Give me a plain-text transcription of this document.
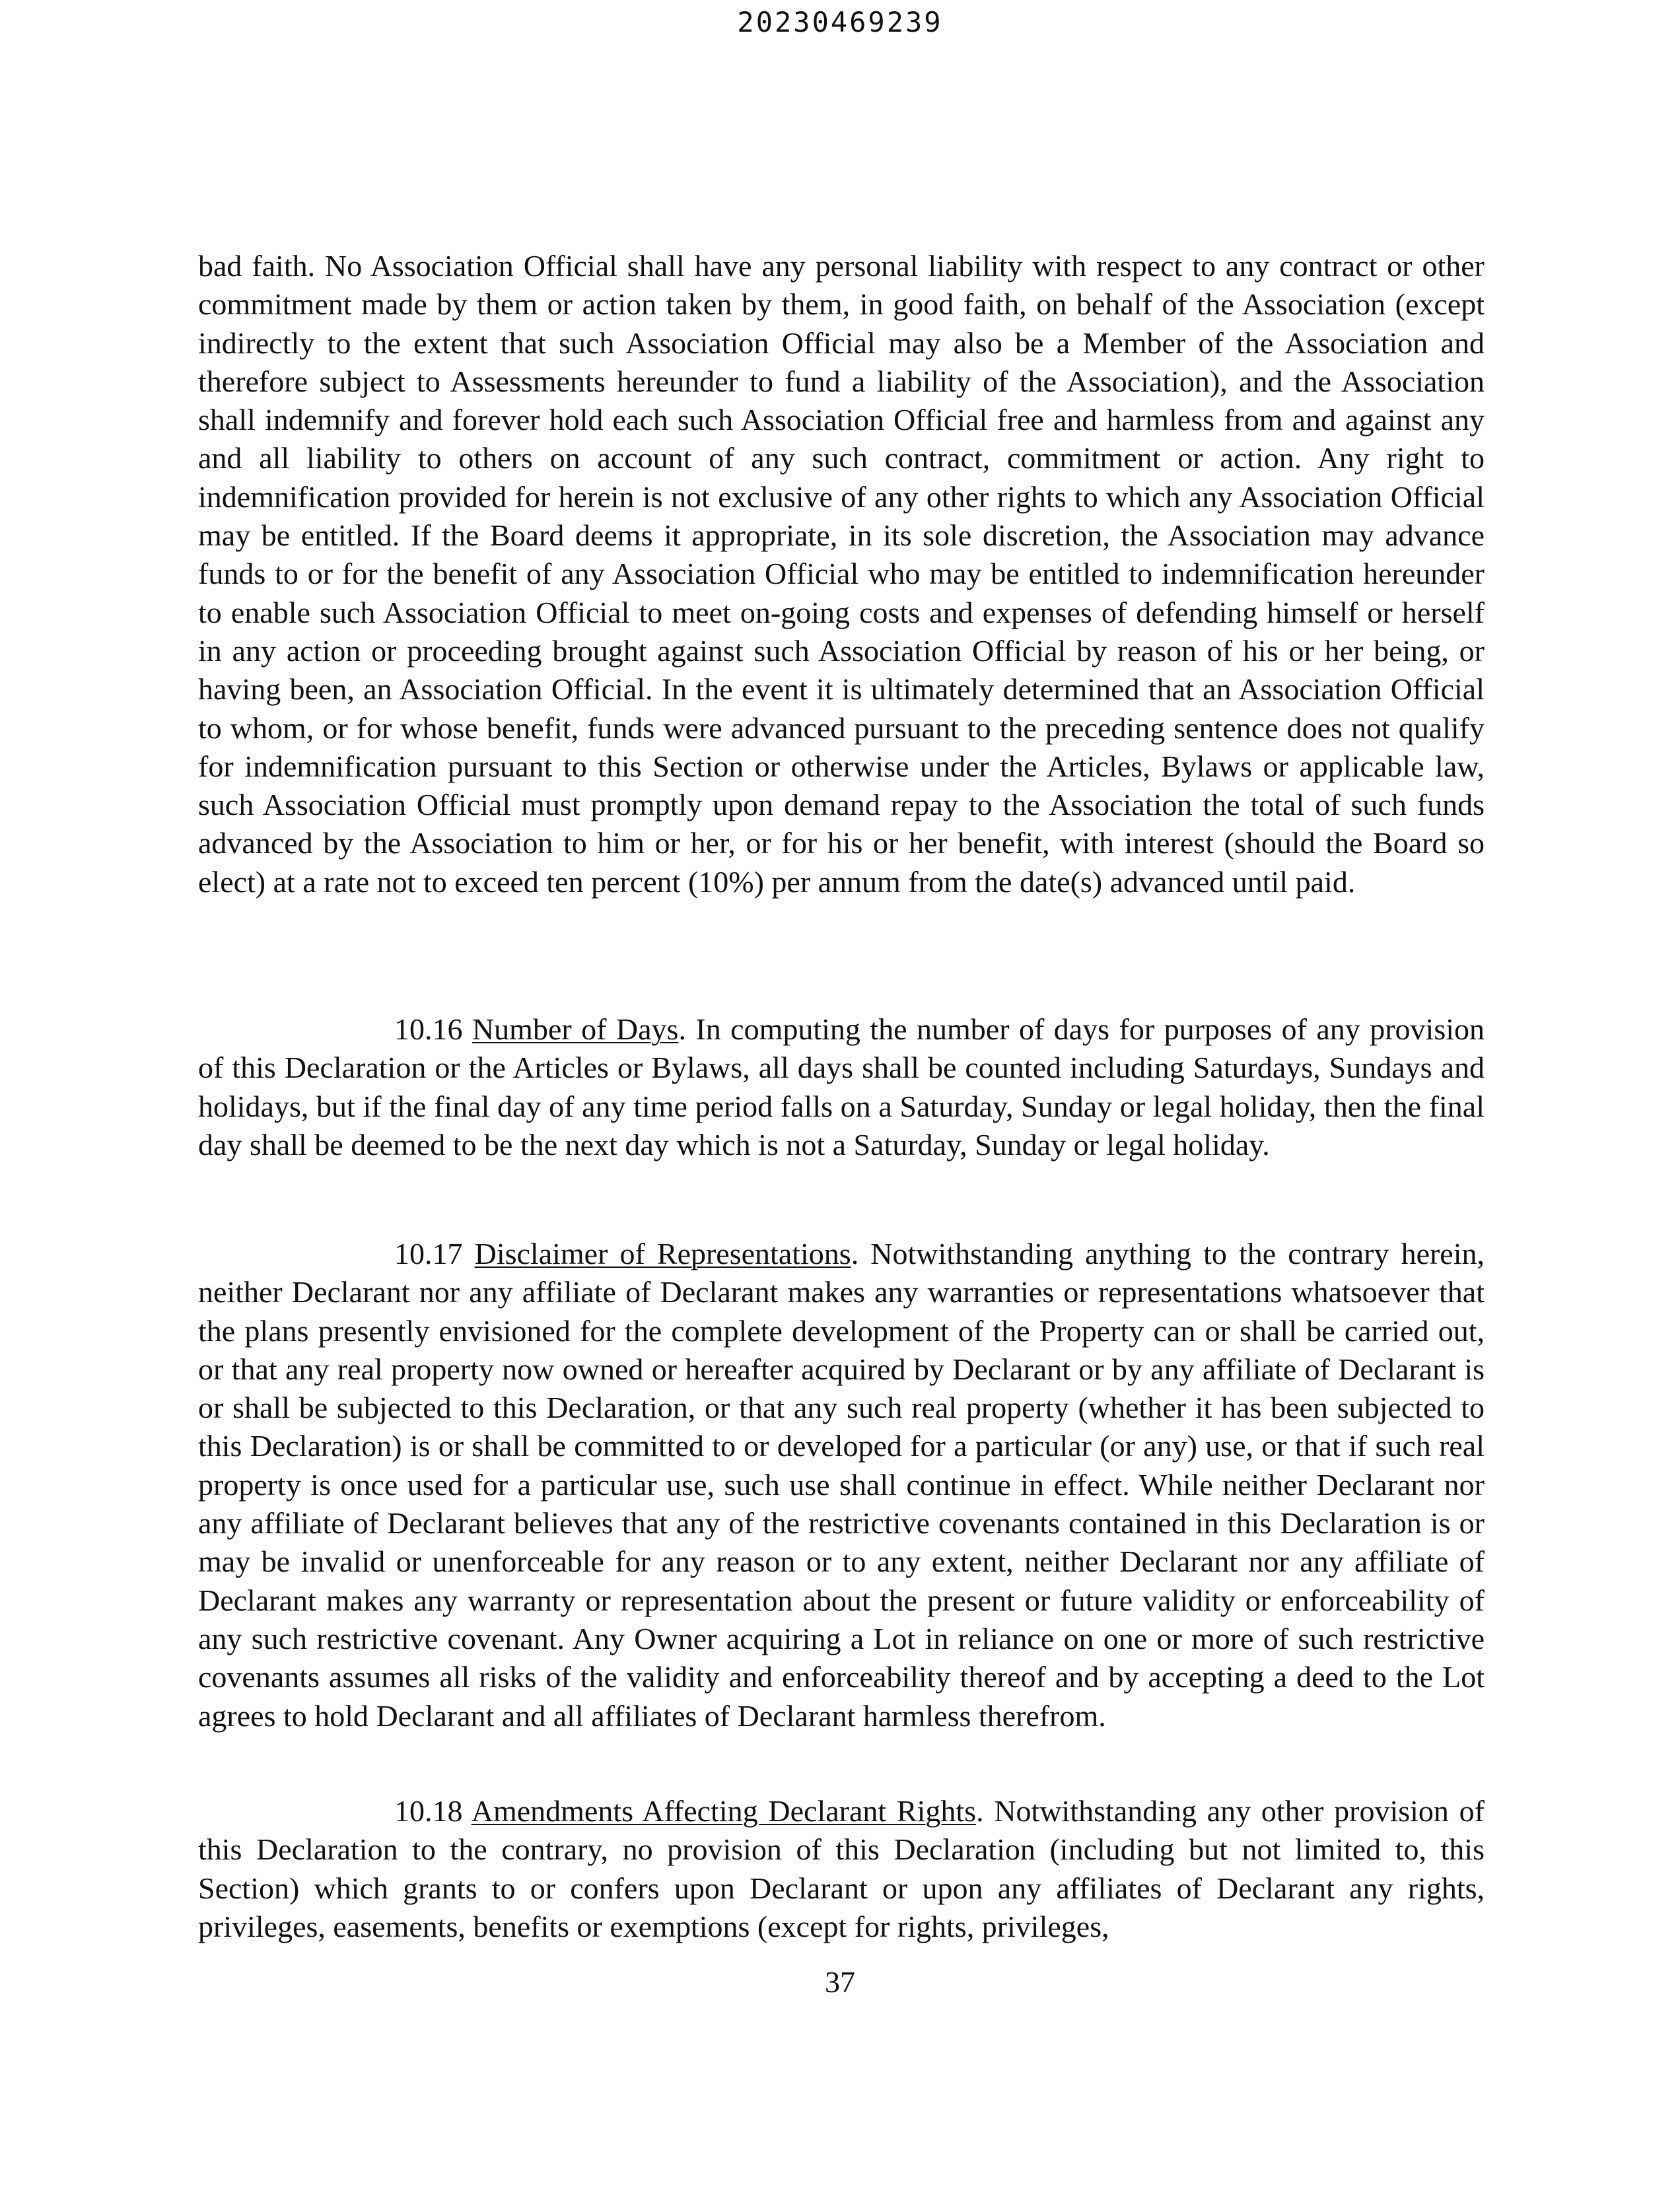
20230469239

bad faith. No Association Official shall have any personal liability with respect to any contract or other commitment made by them or action taken by them, in good faith, on behalf of the Association (except indirectly to the extent that such Association Official may also be a Member of the Association and therefore subject to Assessments hereunder to fund a liability of the Association), and the Association shall indemnify and forever hold each such Association Official free and harmless from and against any and all liability to others on account of any such contract, commitment or action. Any right to indemnification provided for herein is not exclusive of any other rights to which any Association Official may be entitled. If the Board deems it appropriate, in its sole discretion, the Association may advance funds to or for the benefit of any Association Official who may be entitled to indemnification hereunder to enable such Association Official to meet on-going costs and expenses of defending himself or herself in any action or proceeding brought against such Association Official by reason of his or her being, or having been, an Association Official. In the event it is ultimately determined that an Association Official to whom, or for whose benefit, funds were advanced pursuant to the preceding sentence does not qualify for indemnification pursuant to this Section or otherwise under the Articles, Bylaws or applicable law, such Association Official must promptly upon demand repay to the Association the total of such funds advanced by the Association to him or her, or for his or her benefit, with interest (should the Board so elect) at a rate not to exceed ten percent (10%) per annum from the date(s) advanced until paid.

10.16 Number of Days. In computing the number of days for purposes of any provision of this Declaration or the Articles or Bylaws, all days shall be counted including Saturdays, Sundays and holidays, but if the final day of any time period falls on a Saturday, Sunday or legal holiday, then the final day shall be deemed to be the next day which is not a Saturday, Sunday or legal holiday.

10.17 Disclaimer of Representations. Notwithstanding anything to the contrary herein, neither Declarant nor any affiliate of Declarant makes any warranties or representations whatsoever that the plans presently envisioned for the complete development of the Property can or shall be carried out, or that any real property now owned or hereafter acquired by Declarant or by any affiliate of Declarant is or shall be subjected to this Declaration, or that any such real property (whether it has been subjected to this Declaration) is or shall be committed to or developed for a particular (or any) use, or that if such real property is once used for a particular use, such use shall continue in effect. While neither Declarant nor any affiliate of Declarant believes that any of the restrictive covenants contained in this Declaration is or may be invalid or unenforceable for any reason or to any extent, neither Declarant nor any affiliate of Declarant makes any warranty or representation about the present or future validity or enforceability of any such restrictive covenant. Any Owner acquiring a Lot in reliance on one or more of such restrictive covenants assumes all risks of the validity and enforceability thereof and by accepting a deed to the Lot agrees to hold Declarant and all affiliates of Declarant harmless therefrom.

10.18 Amendments Affecting Declarant Rights. Notwithstanding any other provision of this Declaration to the contrary, no provision of this Declaration (including but not limited to, this Section) which grants to or confers upon Declarant or upon any affiliates of Declarant any rights, privileges, easements, benefits or exemptions (except for rights, privileges,

37
